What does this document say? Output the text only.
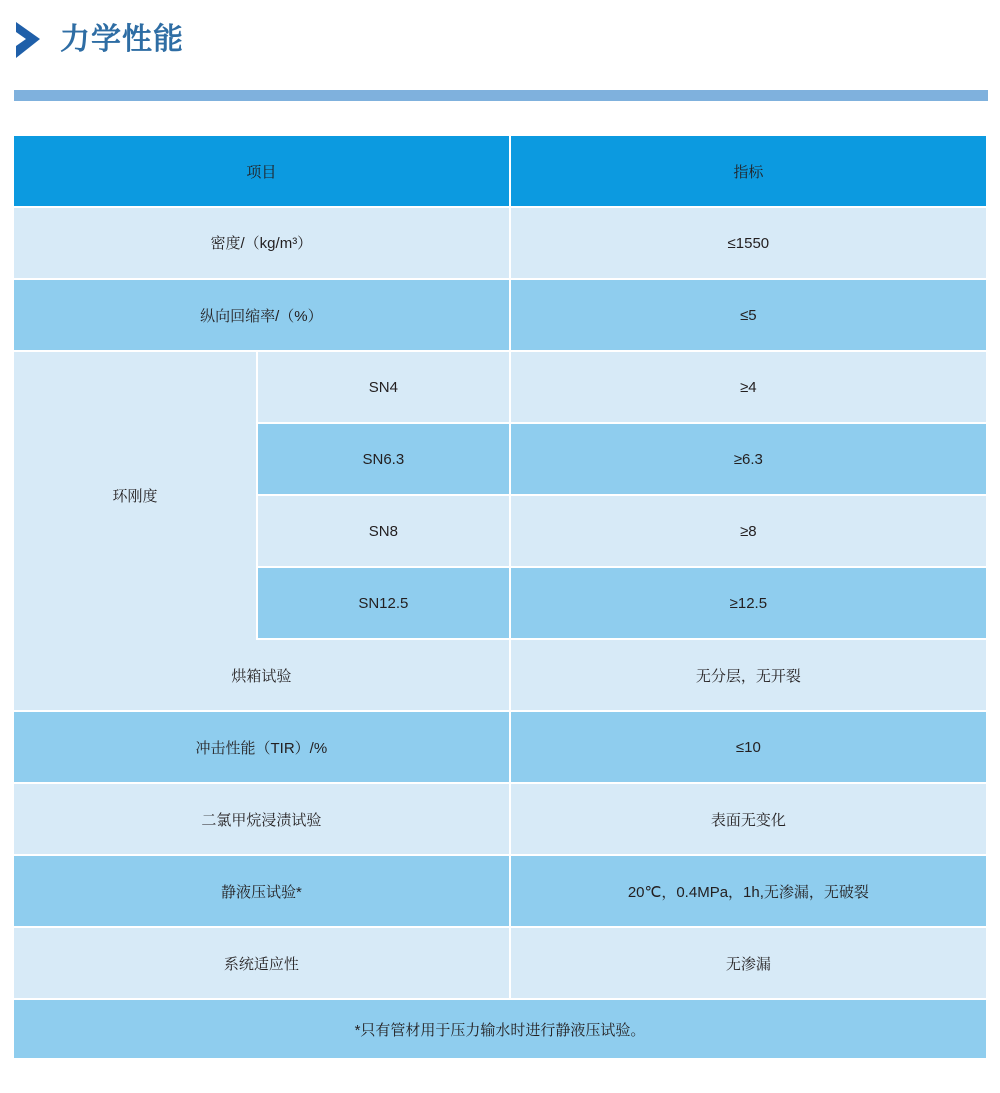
力学性能
项目		指标
密度/（kg/m³）		≤1550
纵向回缩率/（%）		≤5
环刚度	SN4	≥4
	SN6.3	≥6.3
	SN8	≥8
	SN12.5	≥12.5
烘箱试验		无分层，无开裂
冲击性能（TIR）/%		≤10
二氯甲烷浸渍试验		表面无变化
静液压试验*		20℃，0.4MPa，1h,无渗漏，无破裂
系统适应性		无渗漏
*只有管材用于压力输水时进行静液压试验。		
